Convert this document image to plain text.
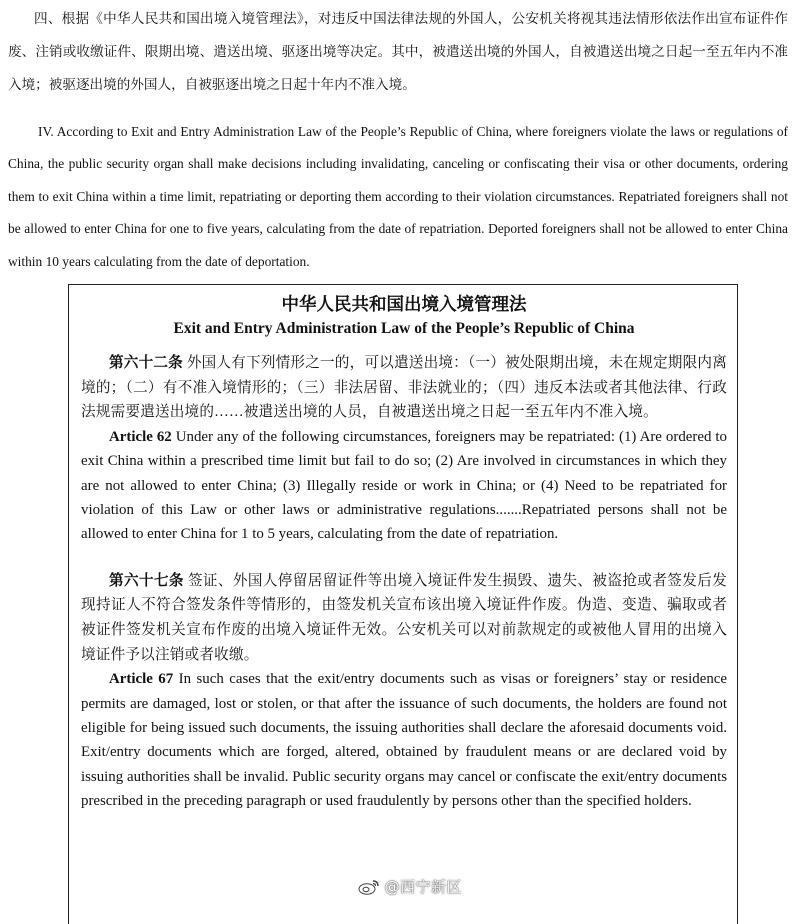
四、根据《中华人民共和国出境入境管理法》，对违反中国法律法规的外国人，公安机关将视其违法情形依法作出宣布证件作废、注销或收缴证件、限期出境、遣送出境、驱逐出境等决定。其中，被遣送出境的外国人，自被遣送出境之日起一至五年内不准入境；被驱逐出境的外国人，自被驱逐出境之日起十年内不准入境。

IV. According to Exit and Entry Administration Law of the People’s Republic of China, where foreigners violate the laws or regulations of China, the public security organ shall make decisions including invalidating, canceling or confiscating their visa or other documents, ordering them to exit China within a time limit, repatriating or deporting them according to their violation circumstances. Repatriated foreigners shall not be allowed to enter China for one to five years, calculating from the date of repatriation. Deported foreigners shall not be allowed to enter China within 10 years calculating from the date of deportation.

中华人民共和国出境入境管理法
Exit and Entry Administration Law of the People’s Republic of China

第六十二条 外国人有下列情形之一的，可以遣送出境：（一）被处限期出境，未在规定期限内离境的；（二）有不准入境情形的；（三）非法居留、非法就业的；（四）违反本法或者其他法律、行政法规需要遣送出境的……被遣送出境的人员，自被遣送出境之日起一至五年内不准入境。

Article 62 Under any of the following circumstances, foreigners may be repatriated: (1) Are ordered to exit China within a prescribed time limit but fail to do so; (2) Are involved in circumstances in which they are not allowed to enter China; (3) Illegally reside or work in China; or (4) Need to be repatriated for violation of this Law or other laws or administrative regulations.......Repatriated persons shall not be allowed to enter China for 1 to 5 years, calculating from the date of repatriation.

第六十七条 签证、外国人停留居留证件等出境入境证件发生损毁、遗失、被盗抢或者签发后发现持证人不符合签发条件等情形的，由签发机关宣布该出境入境证件作废。伪造、变造、骗取或者被证件签发机关宣布作废的出境入境证件无效。公安机关可以对前款规定的或被他人冒用的出境入境证件予以注销或者收缴。

Article 67 In such cases that the exit/entry documents such as visas or foreigners’ stay or residence permits are damaged, lost or stolen, or that after the issuance of such documents, the holders are found not eligible for being issued such documents, the issuing authorities shall declare the aforesaid documents void. Exit/entry documents which are forged, altered, obtained by fraudulent means or are declared void by issuing authorities shall be invalid. Public security organs may cancel or confiscate the exit/entry documents prescribed in the preceding paragraph or used fraudulently by persons other than the specified holders.

@西宁新区
